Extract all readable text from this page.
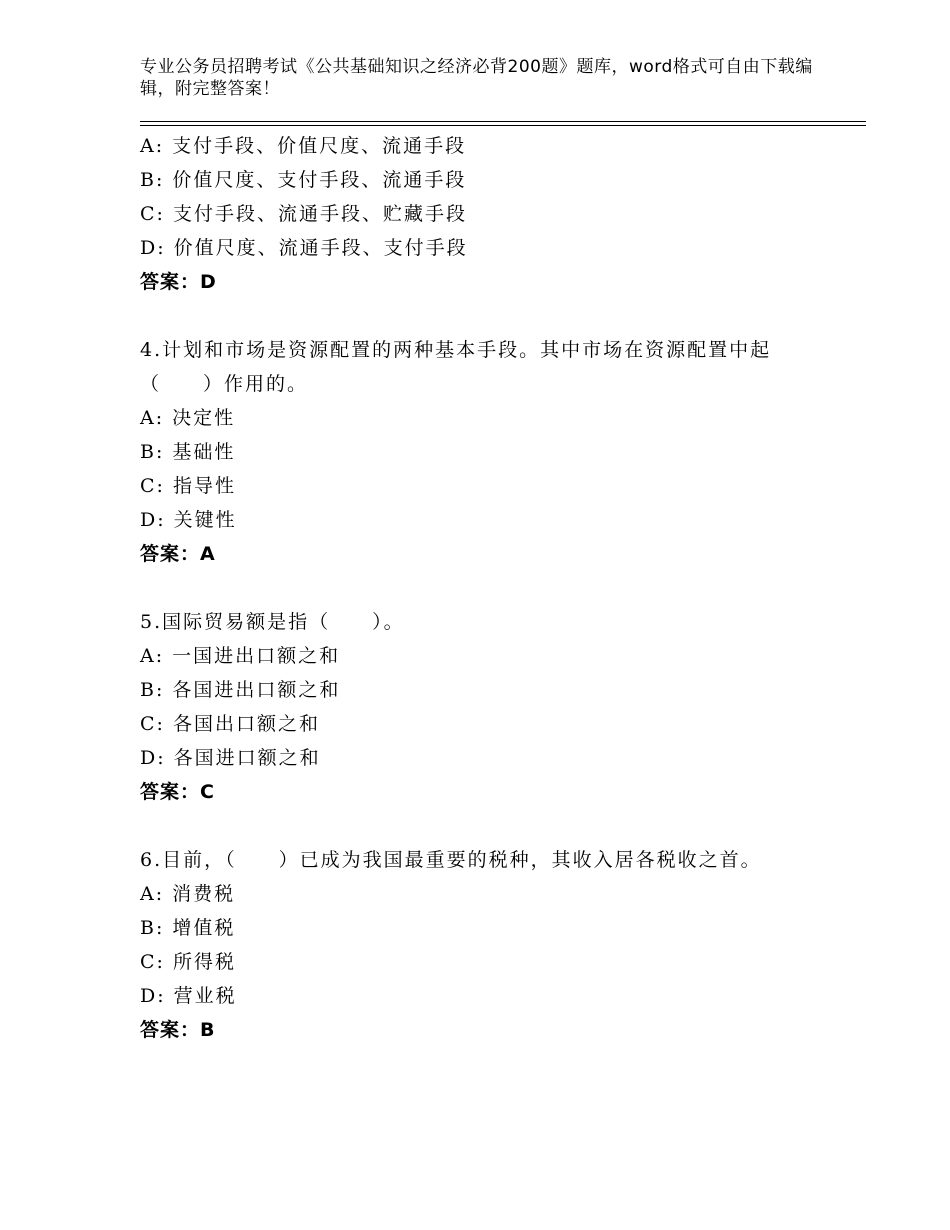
专业公务员招聘考试《公共基础知识之经济必背200题》题库，word格式可自由下载编辑，附完整答案！
A: 支付手段、价值尺度、流通手段
B: 价值尺度、支付手段、流通手段
C: 支付手段、流通手段、贮藏手段
D: 价值尺度、流通手段、支付手段
答案：D
4.计划和市场是资源配置的两种基本手段。其中市场在资源配置中起
（　　）作用的。
A: 决定性
B: 基础性
C: 指导性
D: 关键性
答案：A
5.国际贸易额是指（　　）。
A: 一国进出口额之和
B: 各国进出口额之和
C: 各国出口额之和
D: 各国进口额之和
答案：C
6.目前，（　　）已成为我国最重要的税种，其收入居各税收之首。
A: 消费税
B: 增值税
C: 所得税
D: 营业税
答案：B
